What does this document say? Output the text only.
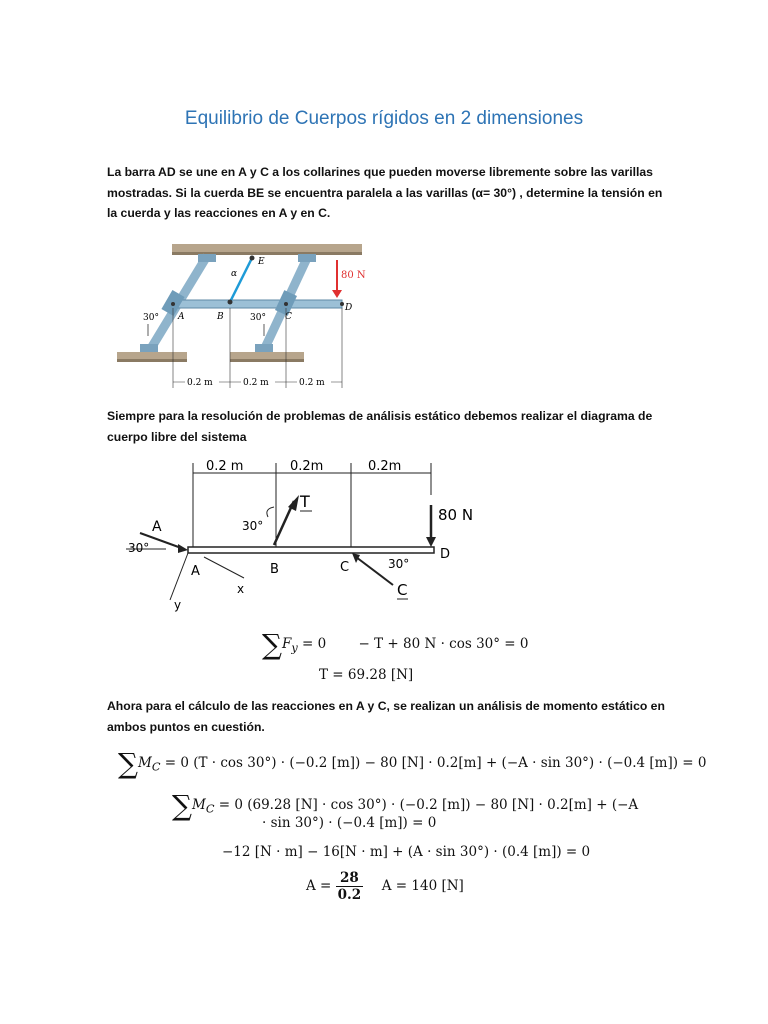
Equilibrio de Cuerpos rígidos en 2 dimensiones
La barra AD se une en A y C a los collarines que pueden moverse libremente sobre las varillas mostradas. Si la cuerda BE se encuentra paralela a las varillas (α= 30°) , determine la tensión en la cuerda y las reacciones en A y en C.
80 N
E
α
A	B	C
D
30°	30°
0.2 m	0.2 m	0.2 m
Siempre para la resolución de problemas de análisis estático debemos realizar el diagrama de cuerpo libre del sistema
0.2 m	0.2m	0.2m
A
30°
y
x
A
T
30°
B
80 N
D
30°
C
C
$\sum F_y = 0 - T + 80$ N · cos 30° = 0
T = 69.28 [N]
Ahora para el cálculo de las reacciones en A y C, se realizan un análisis de momento estático en ambos puntos en cuestión.
$\sum M_C = 0$ (T · cos 30°) · (−0.2 [m]) − 80 [N] · 0.2[m] + (−A · sin 30°) · (−0.4 [m]) = 0
$\sum M_C = 0$ (69.28 [N] · cos 30°) · (−0.2 [m]) − 80 [N] · 0.2[m] + (−A
· sin 30°) · (−0.4 [m]) = 0
−12 [N · m] − 16[N · m] + (A · sin 30°) · (0.4 [m]) = 0
$A = \frac{28}{0.2}$ A = 140 [N]
